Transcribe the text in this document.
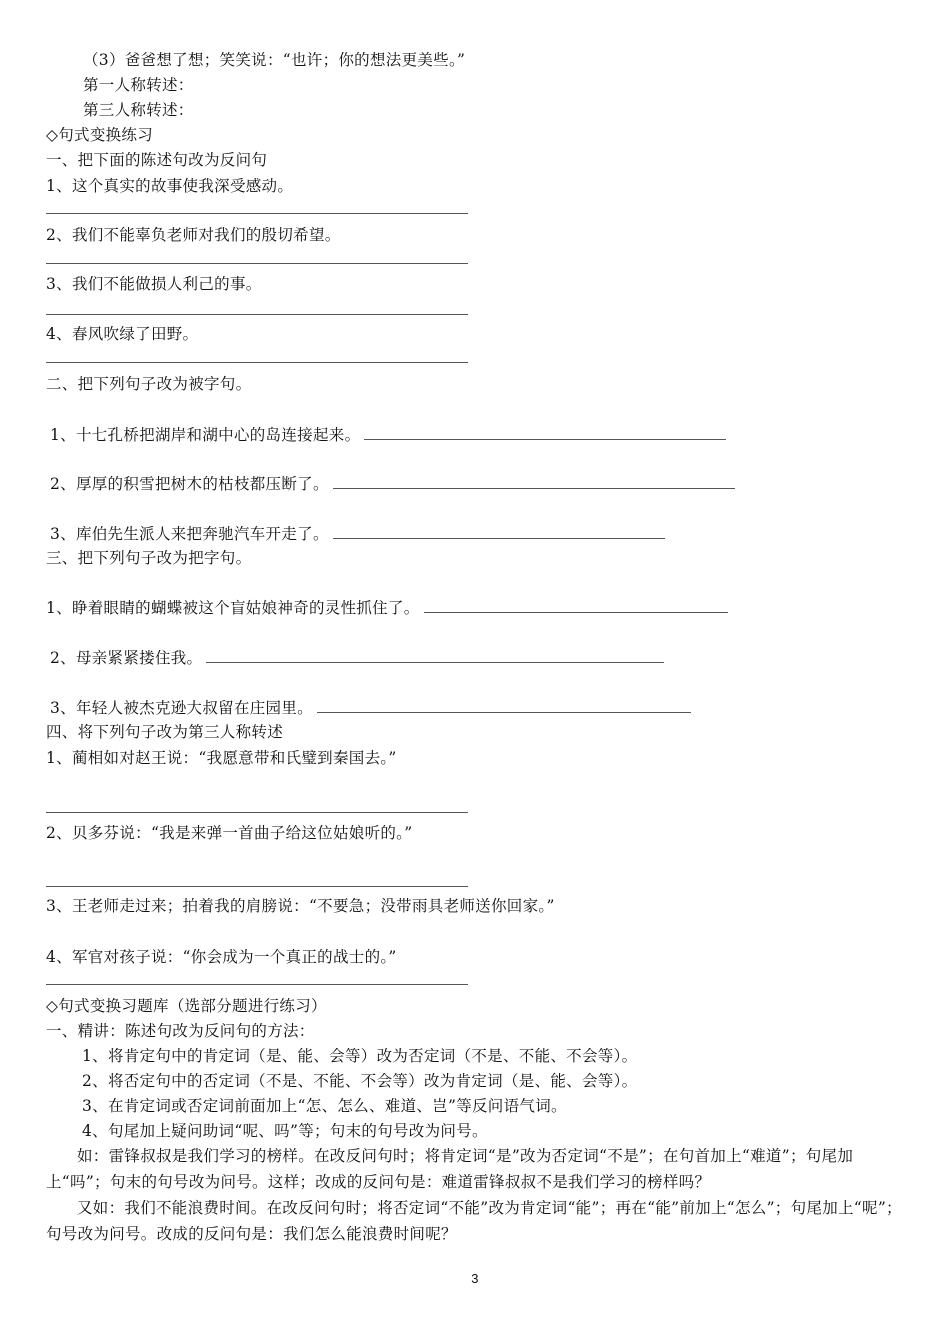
（3）爸爸想了想；笑笑说：“也许；你的想法更美些。”
第一人称转述：
第三人称转述：
◇句式变换练习
一、把下面的陈述句改为反问句
1、这个真实的故事使我深受感动。
2、我们不能辜负老师对我们的殷切希望。
3、我们不能做损人利己的事。
4、春风吹绿了田野。
二、把下列句子改为被字句。
1、十七孔桥把湖岸和湖中心的岛连接起来。
2、厚厚的积雪把树木的枯枝都压断了。
3、库伯先生派人来把奔驰汽车开走了。
三、把下列句子改为把字句。
1、睁着眼睛的蝴蝶被这个盲姑娘神奇的灵性抓住了。
2、母亲紧紧搂住我。
3、年轻人被杰克逊大叔留在庄园里。
四、将下列句子改为第三人称转述
1、蔺相如对赵王说：“我愿意带和氏璧到秦国去。”
2、贝多芬说：“我是来弹一首曲子给这位姑娘听的。”
3、王老师走过来；拍着我的肩膀说：“不要急；没带雨具老师送你回家。”
4、军官对孩子说：“你会成为一个真正的战士的。”
◇句式变换习题库（选部分题进行练习）
一、精讲：陈述句改为反问句的方法：
1、将肯定句中的肯定词（是、能、会等）改为否定词（不是、不能、不会等）。
2、将否定句中的否定词（不是、不能、不会等）改为肯定词（是、能、会等）。
3、在肯定词或否定词前面加上“怎、怎么、难道、岂”等反问语气词。
4、句尾加上疑问助词“呢、吗”等；句末的句号改为问号。
如：雷锋叔叔是我们学习的榜样。在改反问句时；将肯定词“是”改为否定词“不是”；在句首加上“难道”；句尾加上“吗”；句末的句号改为问号。这样；改成的反问句是：难道雷锋叔叔不是我们学习的榜样吗？
又如：我们不能浪费时间。在改反问句时；将否定词“不能”改为肯定词“能”；再在“能”前加上“怎么”；句尾加上“呢”；句号改为问号。改成的反问句是：我们怎么能浪费时间呢？
3
